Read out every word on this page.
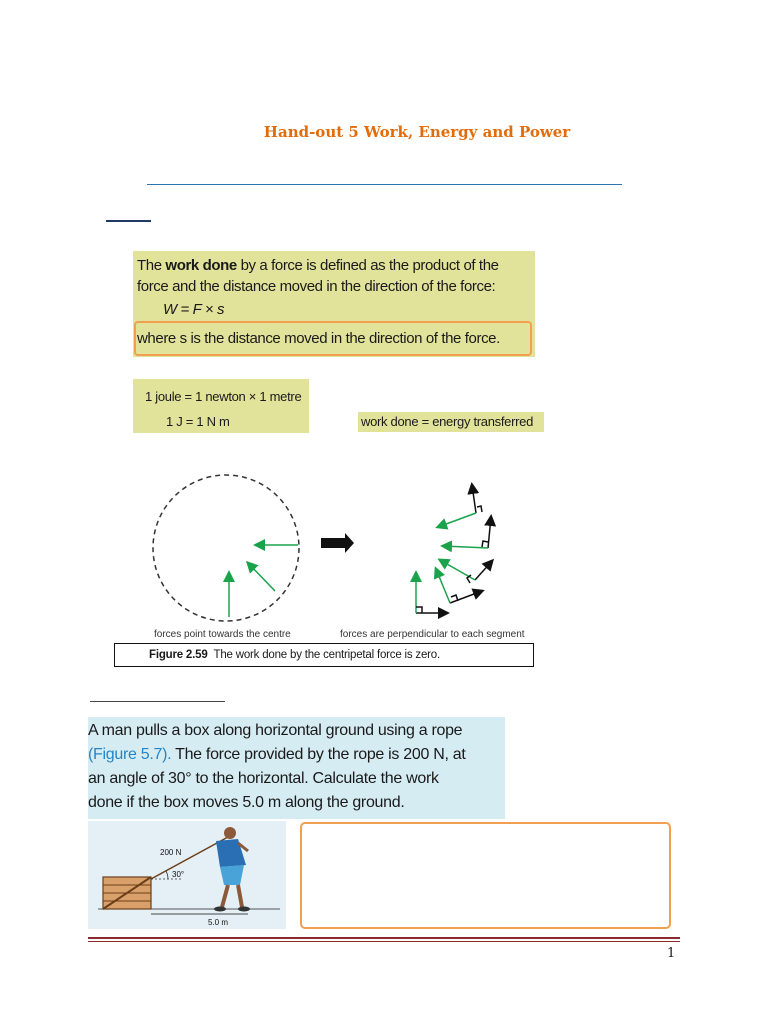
Hand-out 5 Work, Energy and Power
The work done by a force is defined as the product of the
force and the distance moved in the direction of the force:
W = F × s
where s is the distance moved in the direction of the force.
1 joule = 1 newton × 1 metre
1 J = 1 N m	work done = energy transferred
forces point towards the centre	forces are perpendicular to each segment
Figure 2.59 The work done by the centripetal force is zero.
A man pulls a box along horizontal ground using a rope
(Figure 5.7). The force provided by the rope is 200 N, at
an angle of 30° to the horizontal. Calculate the work
done if the box moves 5.0 m along the ground.
30°
200 N
5.0 m
1
